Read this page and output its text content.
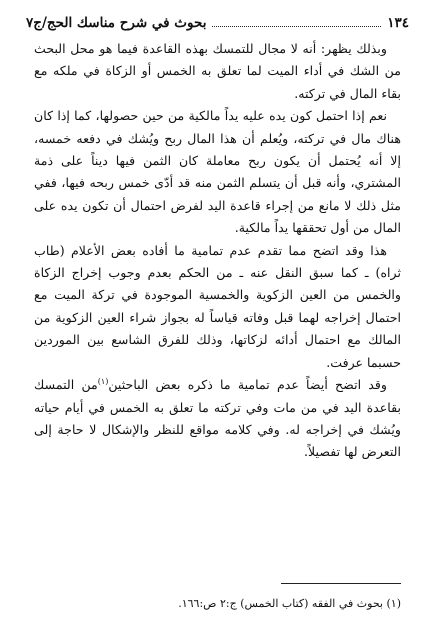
١٣٤
بحوث في شرح مناسك الحج/ج٧

وبذلك يظهر: أنه لا مجال للتمسك بهذه القاعدة فيما هو محل البحث من الشك في أداء الميت لما تعلق به الخمس أو الزكاة في ملكه مع بقاء المال في تركته.

نعم إذا احتمل كون يده عليه يداً مالكية من حين حصولها، كما إذا كان هناك مال في تركته، ويُعلم أن هذا المال ربح ويُشك في دفعه خمسه، إلا أنه يُحتمل أن يكون ربح معاملة كان الثمن فيها ديناً على ذمة المشتري، وأنه قبل أن يتسلم الثمن منه قد أدّى خمس ربحه فيها، ففي مثل ذلك لا مانع من إجراء قاعدة اليد لفرض احتمال أن تكون يده على المال من أول تحققها يداً مالكية.

هذا وقد اتضح مما تقدم عدم تمامية ما أفاده بعض الأعلام (طاب ثراه) ـ كما سبق النقل عنه ـ من الحكم بعدم وجوب إخراج الزكاة والخمس من العين الزكوية والخمسية الموجودة في تركة الميت مع احتمال إخراجه لهما قبل وفاته قياساً له بجواز شراء العين الزكوية من المالك مع احتمال أدائه لزكاتها، وذلك للفرق الشاسع بين الموردين حسبما عرفت.

وقد اتضح أيضاً عدم تمامية ما ذكره بعض الباحثين$^{(١)}$من التمسك بقاعدة اليد في من مات وفي تركته ما تعلق به الخمس في أيام حياته ويُشك في إخراجه له. وفي كلامه مواقع للنظر والإشكال لا حاجة إلى التعرض لها تفصيلاً.

(١) بحوث في الفقه (كتاب الخمس) ج:٢ ص:١٦٦.
